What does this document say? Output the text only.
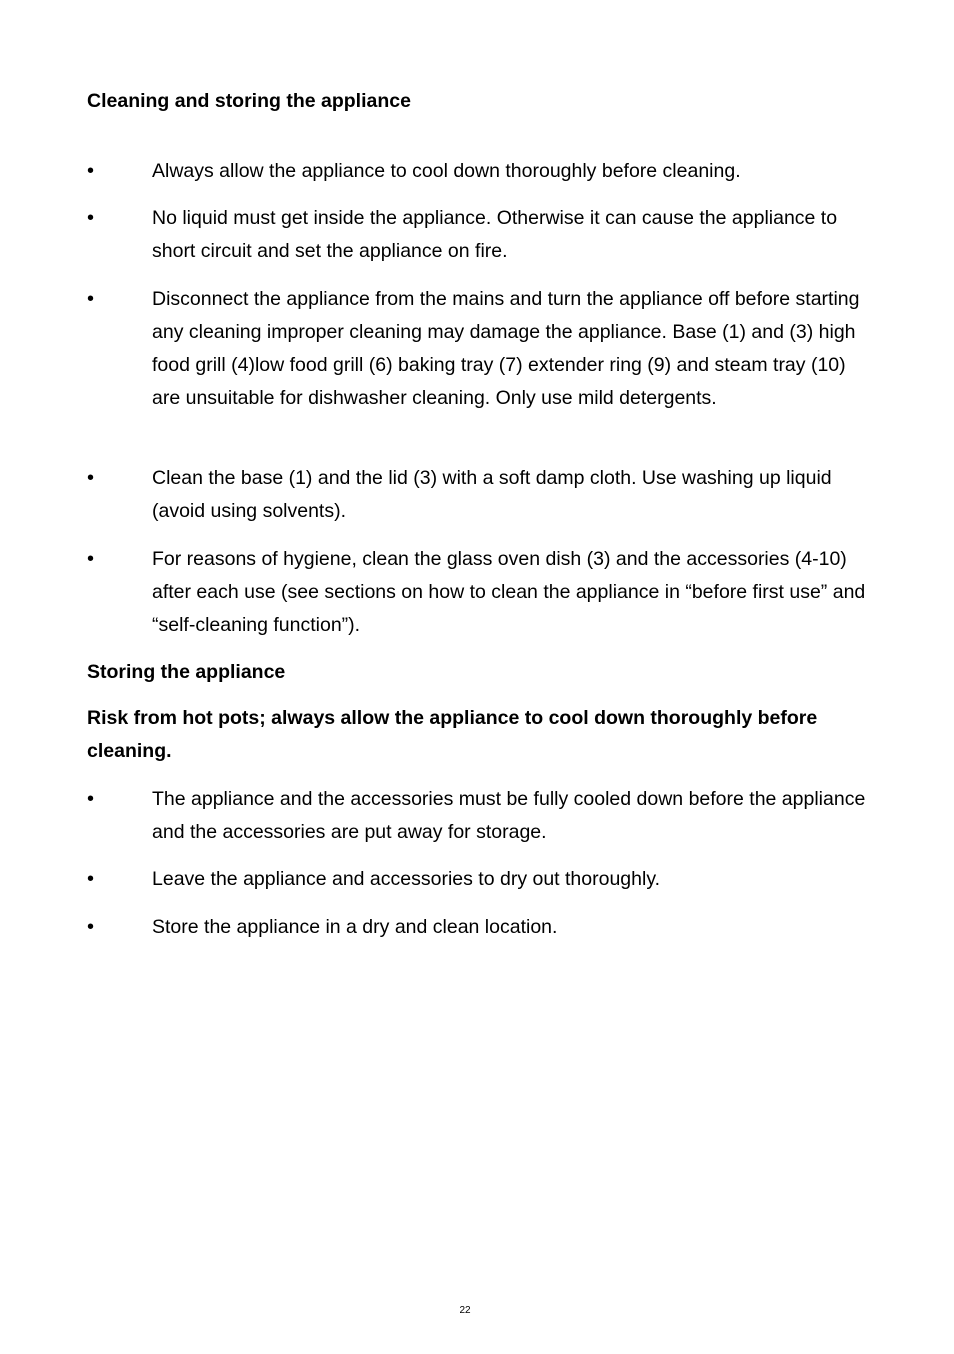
Cleaning and storing the appliance
•	Always allow the appliance to cool down thoroughly before cleaning.

•	No liquid must get inside the appliance. Otherwise it can cause the appliance to short circuit and set the appliance on fire.

•	Disconnect the appliance from the mains and turn the appliance off before starting any cleaning improper cleaning may damage the appliance. Base (1) and (3) high food grill (4)low food grill (6) baking tray (7) extender ring (9) and steam tray (10) are unsuitable for dishwasher cleaning. Only use mild detergents.

•	Clean the base (1) and the lid (3) with a soft damp cloth. Use washing up liquid (avoid using solvents).

•	For reasons of hygiene, clean the glass oven dish (3) and the accessories (4-10) after each use (see sections on how to clean the appliance in “before first use” and “self-cleaning function”).

Storing the appliance

Risk from hot pots; always allow the appliance to cool down thoroughly before cleaning.

•	The appliance and the accessories must be fully cooled down before the appliance and the accessories are put away for storage.

•	Leave the appliance and accessories to dry out thoroughly.

•	Store the appliance in a dry and clean location.

22
